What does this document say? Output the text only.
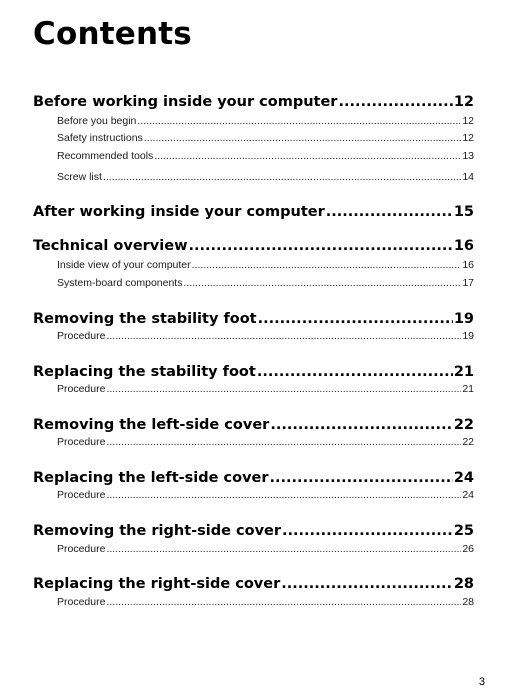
Contents
Before working inside your computer .....	12
Before you begin .....	12
Safety instructions .....	12
Recommended tools .....	13
Screw list .....	14
After working inside your computer .....	15
Technical overview .....	16
Inside view of your computer .....	16
System-board components .....	17
Removing the stability foot .....	19
Procedure .....	19
Replacing the stability foot .....	21
Procedure .....	21
Removing the left-side cover .....	22
Procedure .....	22
Replacing the left-side cover .....	24
Procedure .....	24
Removing the right-side cover .....	25
Procedure .....	26
Replacing the right-side cover .....	28
Procedure .....	28
3
